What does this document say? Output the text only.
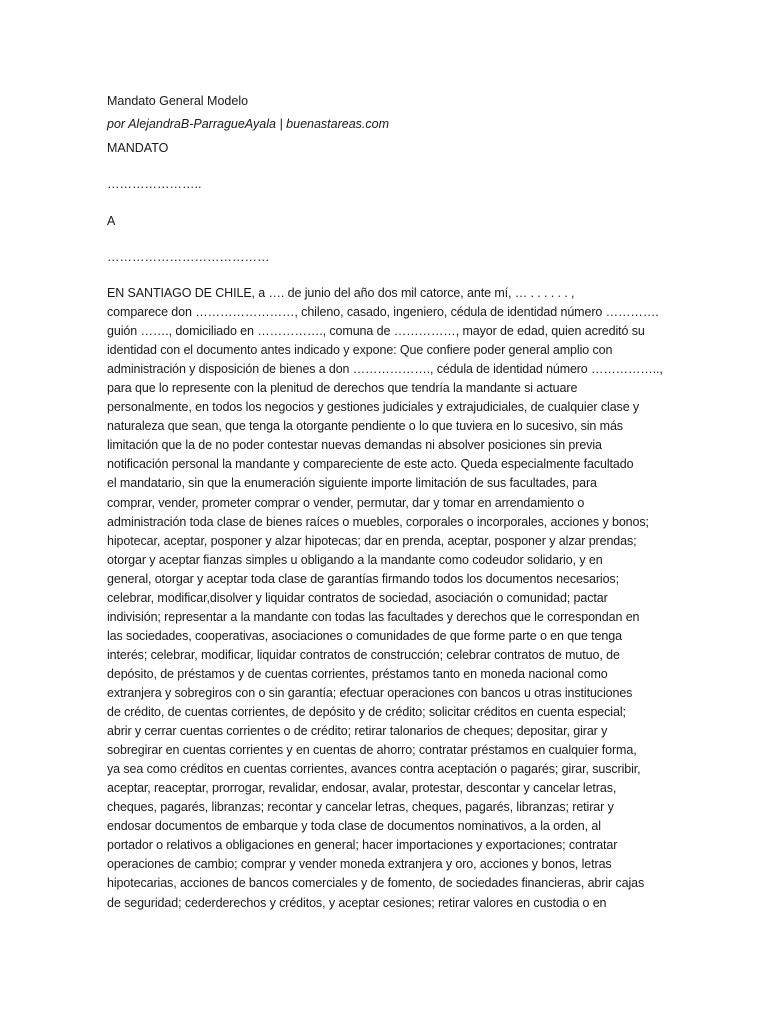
Mandato General Modelo
por AlejandraB-ParragueAyala | buenastareas.com
MANDATO
…………………..
A
…………………………………
EN SANTIAGO DE CHILE, a …. de junio del año dos mil catorce, ante mí, … . . . . . . ,
comparece don ……………………, chileno, casado, ingeniero, cédula de identidad número ………….
guión ……., domiciliado en ……………., comuna de ……………, mayor de edad, quien acreditó su
identidad con el documento antes indicado y expone: Que confiere poder general amplio con
administración y disposición de bienes a don ………………., cédula de identidad número ……………..,
para que lo represente con la plenitud de derechos que tendría la mandante si actuare
personalmente, en todos los negocios y gestiones judiciales y extrajudiciales, de cualquier clase y
naturaleza que sean, que tenga la otorgante pendiente o lo que tuviera en lo sucesivo, sin más
limitación que la de no poder contestar nuevas demandas ni absolver posiciones sin previa
notificación personal la mandante y compareciente de este acto. Queda especialmente facultado
el mandatario, sin que la enumeración siguiente importe limitación de sus facultades, para
comprar, vender, prometer comprar o vender, permutar, dar y tomar en arrendamiento o
administración toda clase de bienes raíces o muebles, corporales o incorporales, acciones y bonos;
hipotecar, aceptar, posponer y alzar hipotecas; dar en prenda, aceptar, posponer y alzar prendas;
otorgar y aceptar fianzas simples u obligando a la mandante como codeudor solidario, y en
general, otorgar y aceptar toda clase de garantías firmando todos los documentos necesarios;
celebrar, modificar,disolver y liquidar contratos de sociedad, asociación o comunidad; pactar
indivisión; representar a la mandante con todas las facultades y derechos que le correspondan en
las sociedades, cooperativas, asociaciones o comunidades de que forme parte o en que tenga
interés; celebrar, modificar, liquidar contratos de construcción; celebrar contratos de mutuo, de
depósito, de préstamos y de cuentas corrientes, préstamos tanto en moneda nacional como
extranjera y sobregiros con o sin garantía; efectuar operaciones con bancos u otras instituciones
de crédito, de cuentas corrientes, de depósito y de crédito; solicitar créditos en cuenta especial;
abrir y cerrar cuentas corrientes o de crédito; retirar talonarios de cheques; depositar, girar y
sobregirar en cuentas corrientes y en cuentas de ahorro; contratar préstamos en cualquier forma,
ya sea como créditos en cuentas corrientes, avances contra aceptación o pagarés; girar, suscribir,
aceptar, reaceptar, prorrogar, revalidar, endosar, avalar, protestar, descontar y cancelar letras,
cheques, pagarés, libranzas; recontar y cancelar letras, cheques, pagarés, libranzas; retirar y
endosar documentos de embarque y toda clase de documentos nominativos, a la orden, al
portador o relativos a obligaciones en general; hacer importaciones y exportaciones; contratar
operaciones de cambio; comprar y vender moneda extranjera y oro, acciones y bonos, letras
hipotecarias, acciones de bancos comerciales y de fomento, de sociedades financieras, abrir cajas
de seguridad; cederderechos y créditos, y aceptar cesiones; retirar valores en custodia o en
